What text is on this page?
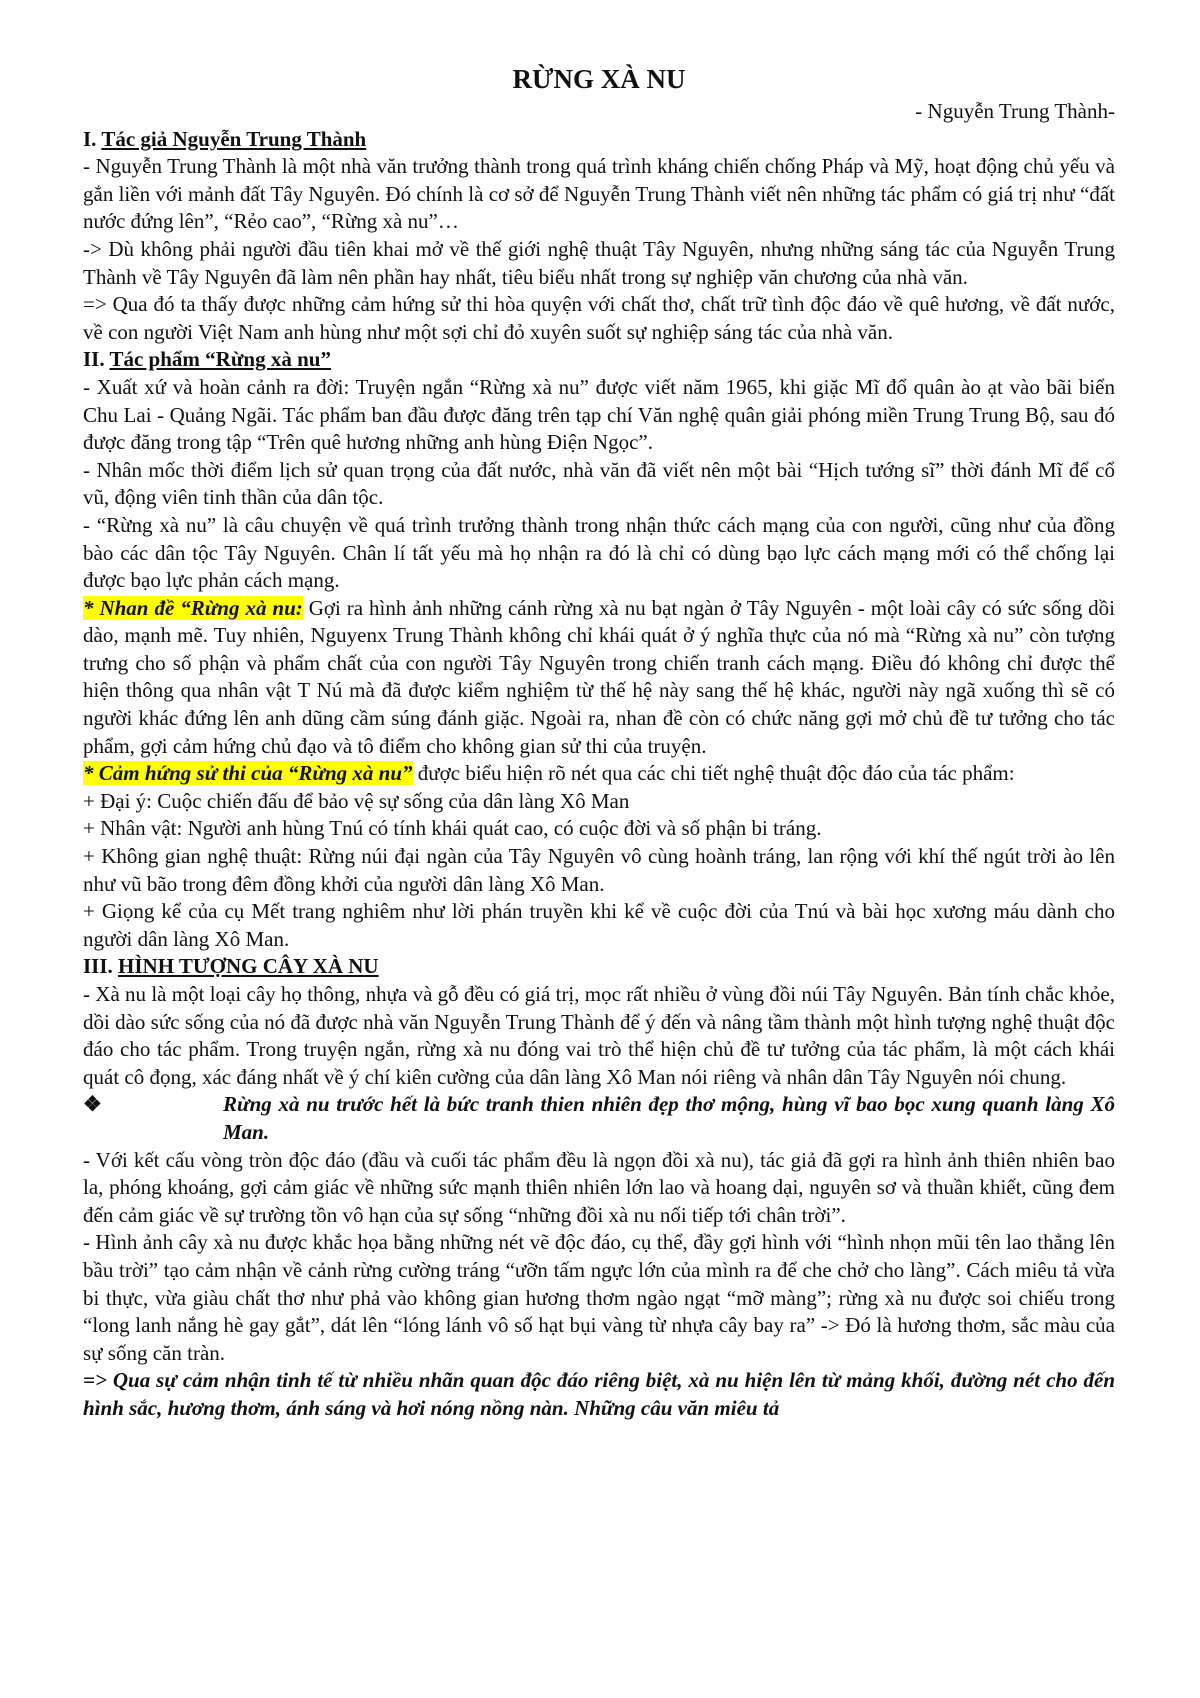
RỪNG XÀ NU

- Nguyễn Trung Thành-

I. Tác giả Nguyễn Trung Thành

- Nguyễn Trung Thành là một nhà văn trưởng thành trong quá trình kháng chiến chống Pháp và Mỹ, hoạt động chủ yếu và gắn liền với mảnh đất Tây Nguyên. Đó chính là cơ sở để Nguyễn Trung Thành viết nên những tác phẩm có giá trị như “đất nước đứng lên”, “Rẻo cao”, “Rừng xà nu”…

-> Dù không phải người đầu tiên khai mở về thế giới nghệ thuật Tây Nguyên, nhưng những sáng tác của Nguyễn Trung Thành về Tây Nguyên đã làm nên phần hay nhất, tiêu biểu nhất trong sự nghiệp văn chương của nhà văn.

=> Qua đó ta thấy được những cảm hứng sử thi hòa quyện với chất thơ, chất trữ tình độc đáo về quê hương, về đất nước, về con người Việt Nam anh hùng như một sợi chỉ đỏ xuyên suốt sự nghiệp sáng tác của nhà văn.

II. Tác phẩm “Rừng xà nu”

- Xuất xứ và hoàn cảnh ra đời: Truyện ngắn “Rừng xà nu” được viết năm 1965, khi giặc Mĩ đổ quân ào ạt vào bãi biển Chu Lai - Quảng Ngãi. Tác phẩm ban đầu được đăng trên tạp chí Văn nghệ quân giải phóng miền Trung Trung Bộ, sau đó được đăng trong tập “Trên quê hương những anh hùng Điện Ngọc”.

- Nhân mốc thời điểm lịch sử quan trọng của đất nước, nhà văn đã viết nên một bài “Hịch tướng sĩ” thời đánh Mĩ để cổ vũ, động viên tinh thần của dân tộc.

- “Rừng xà nu” là câu chuyện về quá trình trưởng thành trong nhận thức cách mạng của con người, cũng như của đồng bào các dân tộc Tây Nguyên. Chân lí tất yếu mà họ nhận ra đó là chỉ có dùng bạo lực cách mạng mới có thể chống lại được bạo lực phản cách mạng.

* Nhan đề “Rừng xà nu: Gợi ra hình ảnh những cánh rừng xà nu bạt ngàn ở Tây Nguyên - một loài cây có sức sống dồi dào, mạnh mẽ. Tuy nhiên, Nguyenx Trung Thành không chỉ khái quát ở ý nghĩa thực của nó mà “Rừng xà nu” còn tượng trưng cho số phận và phẩm chất của con người Tây Nguyên trong chiến tranh cách mạng. Điều đó không chỉ được thể hiện thông qua nhân vật T Nú mà đã được kiểm nghiệm từ thế hệ này sang thế hệ khác, người này ngã xuống thì sẽ có người khác đứng lên anh dũng cầm súng đánh giặc. Ngoài ra, nhan đề còn có chức năng gợi mở chủ đề tư tưởng cho tác phẩm, gợi cảm hứng chủ đạo và tô điểm cho không gian sử thi của truyện.

* Cảm hứng sử thi của “Rừng xà nu” được biểu hiện rõ nét qua các chi tiết nghệ thuật độc đáo của tác phẩm:

+ Đại ý: Cuộc chiến đấu để bảo vệ sự sống của dân làng Xô Man

+ Nhân vật: Người anh hùng Tnú có tính khái quát cao, có cuộc đời và số phận bi tráng.

+ Không gian nghệ thuật: Rừng núi đại ngàn của Tây Nguyên vô cùng hoành tráng, lan rộng với khí thế ngút trời ào lên như vũ bão trong đêm đồng khởi của người dân làng Xô Man.

+ Giọng kể của cụ Mết trang nghiêm như lời phán truyền khi kể về cuộc đời của Tnú và bài học xương máu dành cho người dân làng Xô Man.

III. HÌNH TƯỢNG CÂY XÀ NU

- Xà nu là một loại cây họ thông, nhựa và gỗ đều có giá trị, mọc rất nhiều ở vùng đồi núi Tây Nguyên. Bản tính chắc khỏe, dồi dào sức sống của nó đã được nhà văn Nguyễn Trung Thành để ý đến và nâng tầm thành một hình tượng nghệ thuật độc đáo cho tác phẩm. Trong truyện ngắn, rừng xà nu đóng vai trò thể hiện chủ đề tư tưởng của tác phẩm, là một cách khái quát cô đọng, xác đáng nhất về ý chí kiên cường của dân làng Xô Man nói riêng và nhân dân Tây Nguyên nói chung.

❖	Rừng xà nu trước hết là bức tranh thien nhiên đẹp thơ mộng, hùng vĩ bao bọc xung quanh làng Xô Man.

- Với kết cấu vòng tròn độc đáo (đầu và cuối tác phẩm đều là ngọn đồi xà nu), tác giả đã gợi ra hình ảnh thiên nhiên bao la, phóng khoáng, gợi cảm giác về những sức mạnh thiên nhiên lớn lao và hoang dại, nguyên sơ và thuần khiết, cũng đem đến cảm giác về sự trường tồn vô hạn của sự sống “những đồi xà nu nối tiếp tới chân trời”.

- Hình ảnh cây xà nu được khắc họa bằng những nét vẽ độc đáo, cụ thể, đầy gợi hình với “hình nhọn mũi tên lao thẳng lên bầu trời” tạo cảm nhận về cảnh rừng cường tráng “ưỡn tấm ngực lớn của mình ra để che chở cho làng”. Cách miêu tả vừa bi thực, vừa giàu chất thơ như phả vào không gian hương thơm ngào ngạt “mỡ màng”; rừng xà nu được soi chiếu trong “long lanh nắng hè gay gắt”, dát lên “lóng lánh vô số hạt bụi vàng từ nhựa cây bay ra” -> Đó là hương thơm, sắc màu của sự sống căn tràn.

=> Qua sự cảm nhận tinh tế từ nhiều nhãn quan độc đáo riêng biệt, xà nu hiện lên từ mảng khối, đường nét cho đến hình sắc, hương thơm, ánh sáng và hơi nóng nồng nàn. Những câu văn miêu tả
